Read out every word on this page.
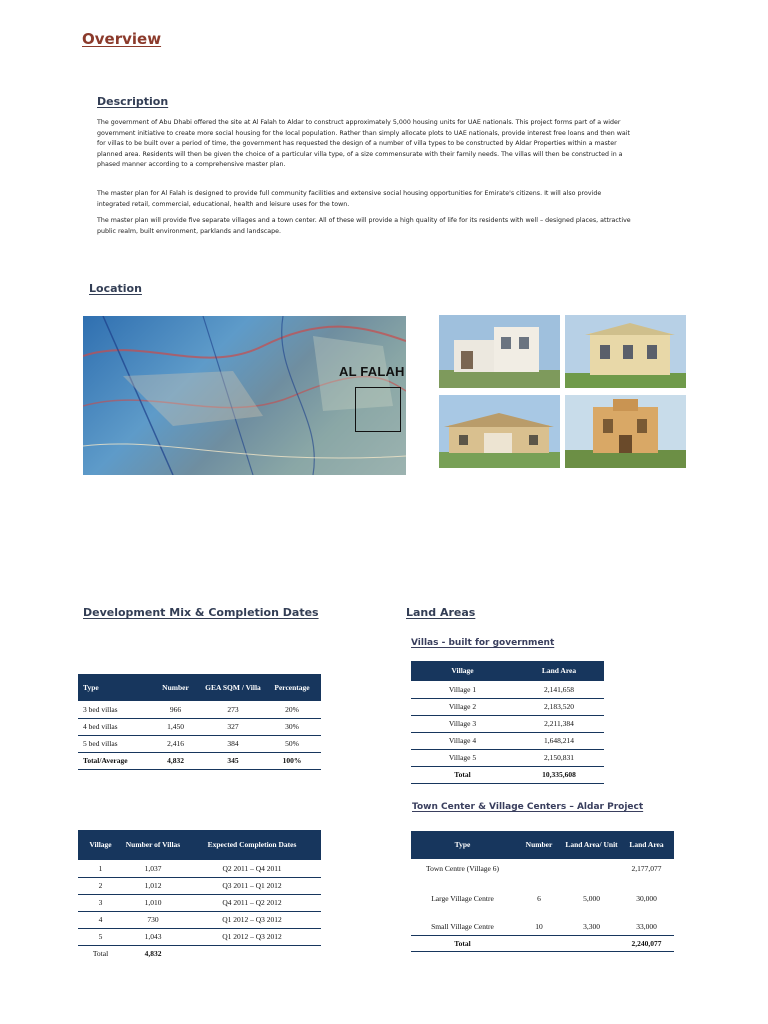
Overview
Description

The government of Abu Dhabi offered the site at Al Falah to Aldar to construct approximately 5,000 housing units for UAE nationals. This project forms part of a wider government initiative to create more social housing for the local population. Rather than simply allocate plots to UAE nationals, provide interest free loans and then wait for villas to be built over a period of time, the government has requested the design of a number of villa types to be constructed by Aldar Properties within a master planned area. Residents will then be given the choice of a particular villa type, of a size commensurate with their family needs. The villas will then be constructed in a phased manner according to a comprehensive master plan.

The master plan for Al Falah is designed to provide full community facilities and extensive social housing opportunities for Emirate's citizens. It will also provide integrated retail, commercial, educational, health and leisure uses for the town.

The master plan will provide five separate villages and a town center. All of these will provide a high quality of life for its residents with well – designed places, attractive public realm, built environment, parklands and landscape.

Location
AL FALAH
Development Mix & Completion Dates
Type	Number	GEA SQM / Villa	Percentage
3 bed villas	966	273	20%
4 bed villas	1,450	327	30%
5 bed villas	2,416	384	50%
Total/Average	4,832	345	100%
Village	Number of Villas	Expected Completion Dates
1	1,037	Q2 2011 – Q4 2011
2	1,012	Q3 2011 – Q1 2012
3	1,010	Q4 2011 – Q2 2012
4	730	Q1 2012 – Q3 2012
5	1,043	Q1 2012 – Q3 2012
Total	4,832	
Land Areas
Villas - built for government
Village	Land Area
Village 1	2,141,658
Village 2	2,183,520
Village 3	2,211,384
Village 4	1,648,214
Village 5	2,150,831
Total	10,335,608
Town Center & Village Centers – Aldar Project
Type	Number	Land Area/ Unit	Land Area
Town Centre (Village 6)			2,177,077
Large Village Centre	6	5,000	30,000
Small Village Centre	10	3,300	33,000
Total			2,240,077
